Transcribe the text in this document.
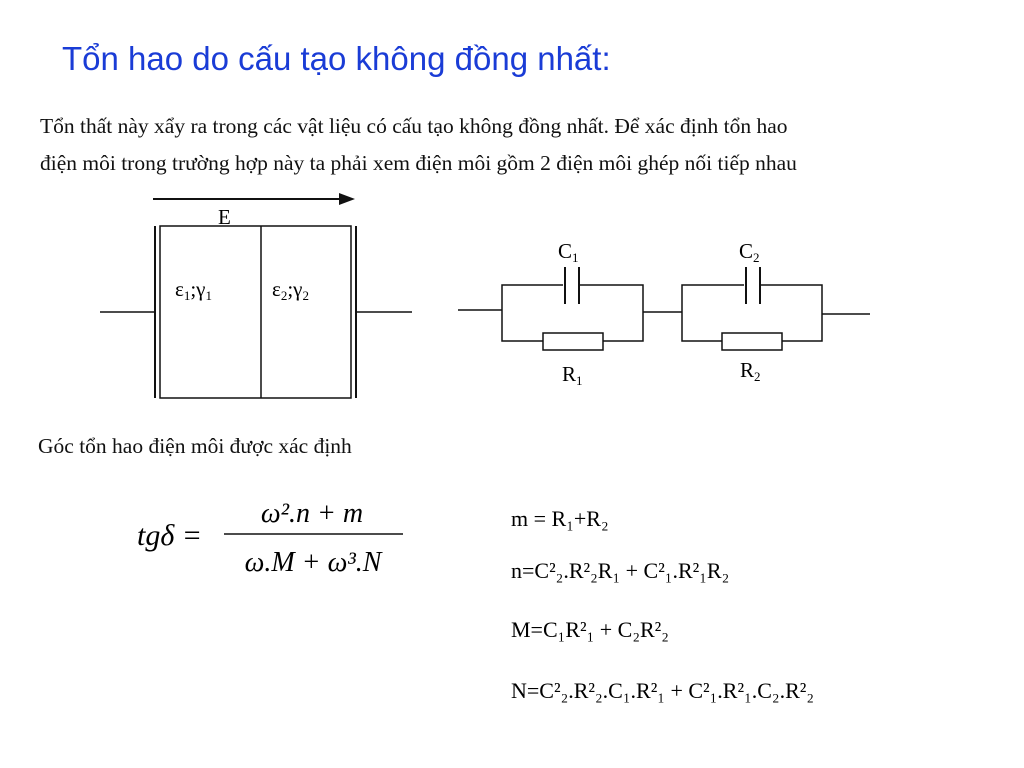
Tổn hao do cấu tạo không đồng nhất:
Tổn thất này xẩy ra trong các vật liệu có cấu tạo không đồng nhất. Để xác định tổn hao
điện môi trong trường hợp này ta phải xem điện môi gồm 2 điện môi ghép nối tiếp nhau
Góc tổn hao điện môi được xác định
E
ε1;γ1	ε2;γ2
C1	C2
R1	R2
tgδ =
ω².n + m
ω.M + ω³.N
m = R₁+R₂
n=C²₂.R²₂R₁ + C²₁.R²₁R₂
M=C₁R²₁ + C₂R²₂
N=C²₂.R²₂.C₁.R²₁ + C²₁.R²₁.C₂.R²₂
